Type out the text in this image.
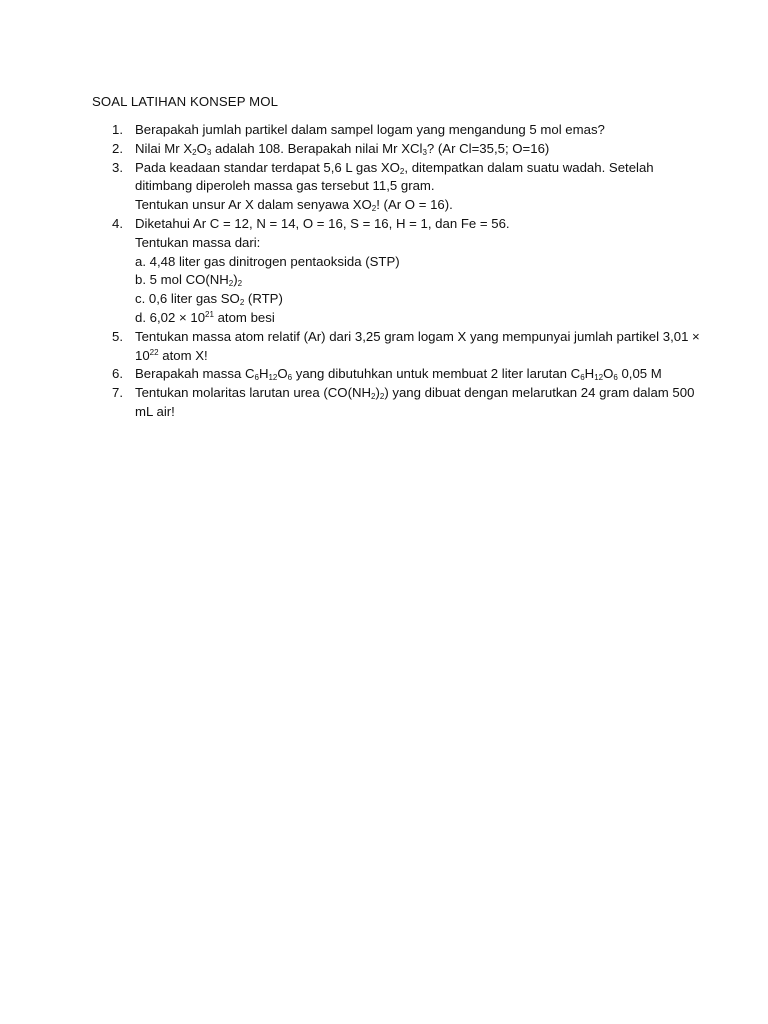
SOAL LATIHAN KONSEP MOL
1. Berapakah jumlah partikel dalam sampel logam yang mengandung 5 mol emas?
2. Nilai Mr $X_2O_3$ adalah 108. Berapakah nilai Mr XCl$_3$? (Ar Cl=35,5; O=16)
3. Pada keadaan standar terdapat 5,6 L gas $XO_2$, ditempatkan dalam suatu wadah. Setelah
ditimbang diperoleh massa gas tersebut 11,5 gram.
Tentukan unsur Ar X dalam senyawa $XO_2$! (Ar O = 16).
4. Diketahui Ar C = 12, N = 14, O = 16, S = 16, H = 1, dan Fe = 56.
Tentukan massa dari:
a. 4,48 liter gas dinitrogen pentaoksida (STP)
b. 5 mol $CO(NH_2)_2$
c. 0,6 liter gas $SO_2$ (RTP)
d. $6,02 \times 10^{21}$ atom besi
5. Tentukan massa atom relatif (Ar) dari 3,25 gram logam X yang mempunyai jumlah partikel 3,01 ×
$10^{22}$ atom X!
6. Berapakah massa $C_6H_{12}O_6$ yang dibutuhkan untuk membuat 2 liter larutan $C_6H_{12}O_6$ 0,05 M
7. Tentukan molaritas larutan urea $(CO(NH_2)_2)$ yang dibuat dengan melarutkan 24 gram dalam 500
mL air!
